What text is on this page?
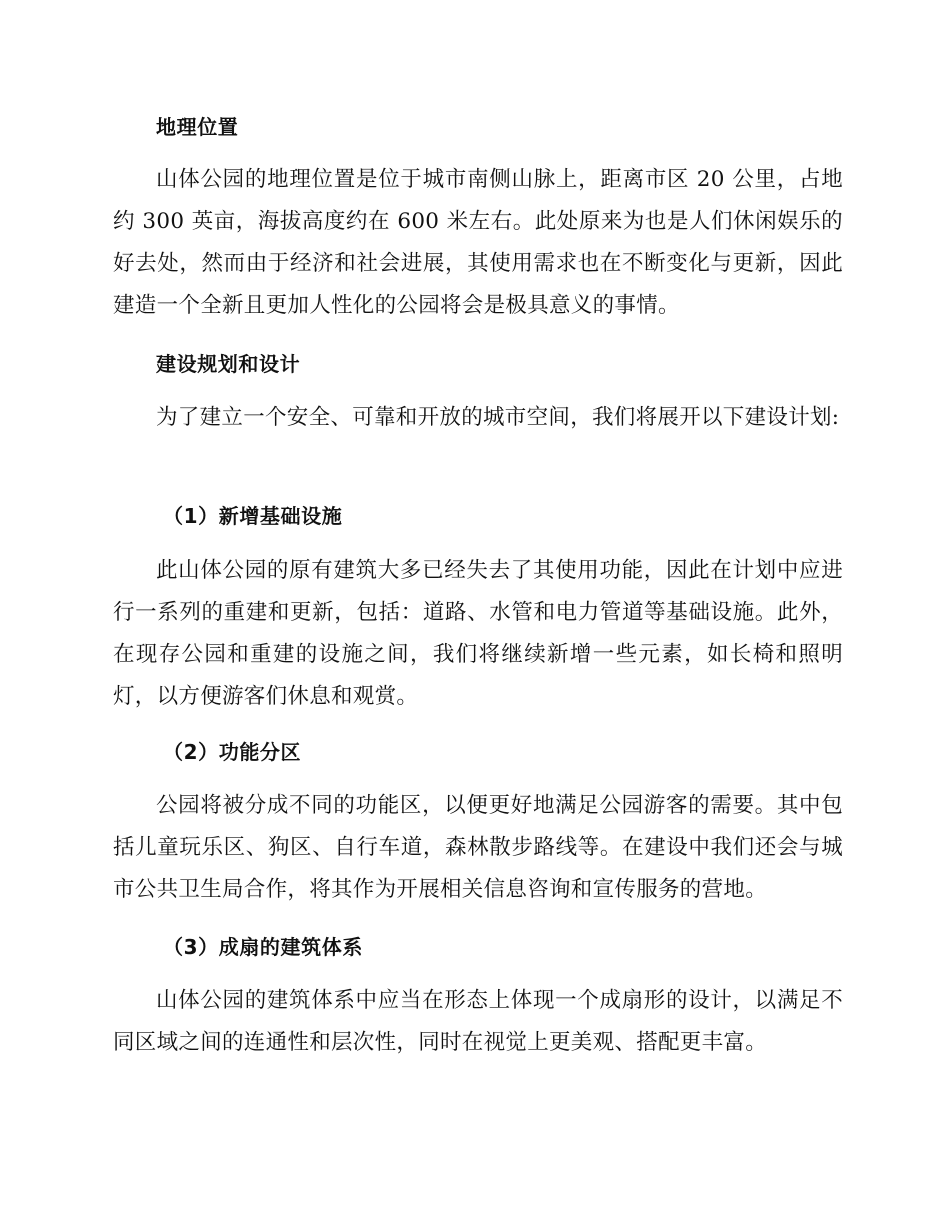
地理位置

山体公园的地理位置是位于城市南侧山脉上，距离市区 20 公里，占地约 300 英亩，海拔高度约在 600 米左右。此处原来为也是人们休闲娱乐的好去处，然而由于经济和社会进展，其使用需求也在不断变化与更新，因此建造一个全新且更加人性化的公园将会是极具意义的事情。

建设规划和设计

为了建立一个安全、可靠和开放的城市空间，我们将展开以下建设计划:

（1）新增基础设施

此山体公园的原有建筑大多已经失去了其使用功能，因此在计划中应进行一系列的重建和更新，包括：道路、水管和电力管道等基础设施。此外，在现存公园和重建的设施之间，我们将继续新增一些元素，如长椅和照明灯，以方便游客们休息和观赏。

（2）功能分区

公园将被分成不同的功能区，以便更好地满足公园游客的需要。其中包括儿童玩乐区、狗区、自行车道，森林散步路线等。在建设中我们还会与城市公共卫生局合作，将其作为开展相关信息咨询和宣传服务的营地。

（3）成扇的建筑体系

山体公园的建筑体系中应当在形态上体现一个成扇形的设计，以满足不同区域之间的连通性和层次性，同时在视觉上更美观、搭配更丰富。
